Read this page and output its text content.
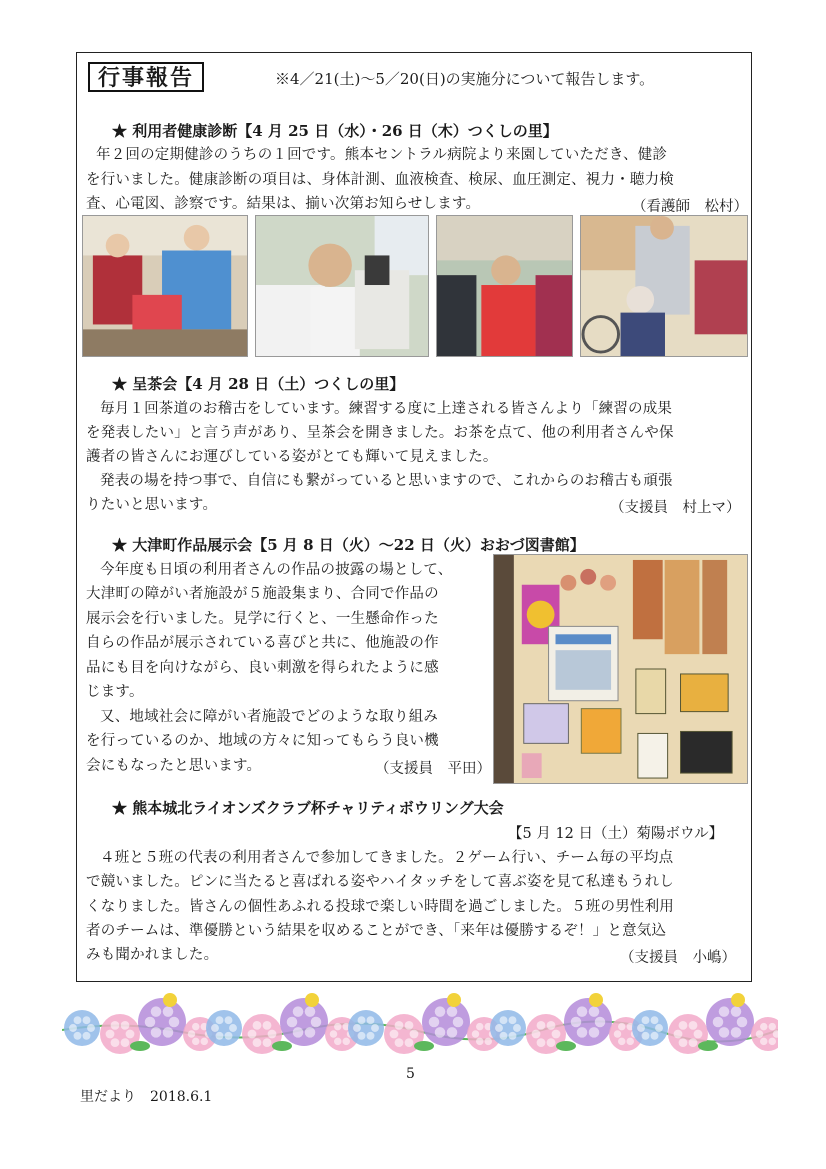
行事報告	※4／21(土)〜5／20(日)の実施分について報告します。
★ 利用者健康診断【4 月 25 日（水）・26 日（木）つくしの里】
年２回の定期健診のうちの１回です。熊本セントラル病院より来園していただき、健診
を行いました。健康診断の項目は、身体計測、血液検査、検尿、血圧測定、視力・聴力検
査、心電図、診察です。結果は、揃い次第お知らせします。	（看護師　松村）
★ 呈茶会【4 月 28 日（土）つくしの里】
毎月１回茶道のお稽古をしています。練習する度に上達される皆さんより「練習の成果
を発表したい」と言う声があり、呈茶会を開きました。お茶を点て、他の利用者さんや保
護者の皆さんにお運びしている姿がとても輝いて見えました。
発表の場を持つ事で、自信にも繋がっていると思いますので、これからのお稽古も頑張
りたいと思います。	（支援員　村上マ）
★ 大津町作品展示会【5 月 8 日（火）〜22 日（火）おおづ図書館】
今年度も日頃の利用者さんの作品の披露の場として、
大津町の障がい者施設が５施設集まり、合同で作品の
展示会を行いました。見学に行くと、一生懸命作った
自らの作品が展示されている喜びと共に、他施設の作
品にも目を向けながら、良い刺激を得られたように感
じます。
又、地域社会に障がい者施設でどのような取り組み
を行っているのか、地域の方々に知ってもらう良い機
会にもなったと思います。	（支援員　平田）
★ 熊本城北ライオンズクラブ杯チャリティボウリング大会
【5 月 12 日（土）菊陽ボウル】
４班と５班の代表の利用者さんで参加してきました。２ゲーム行い、チーム毎の平均点
で競いました。ピンに当たると喜ばれる姿やハイタッチをして喜ぶ姿を見て私達もうれし
くなりました。皆さんの個性あふれる投球で楽しい時間を過ごしました。５班の男性利用
者のチームは、準優勝という結果を収めることができ、「来年は優勝するぞ！」と意気込
みも聞かれました。	（支援員　小嶋）
5
里だより　2018.6.1
